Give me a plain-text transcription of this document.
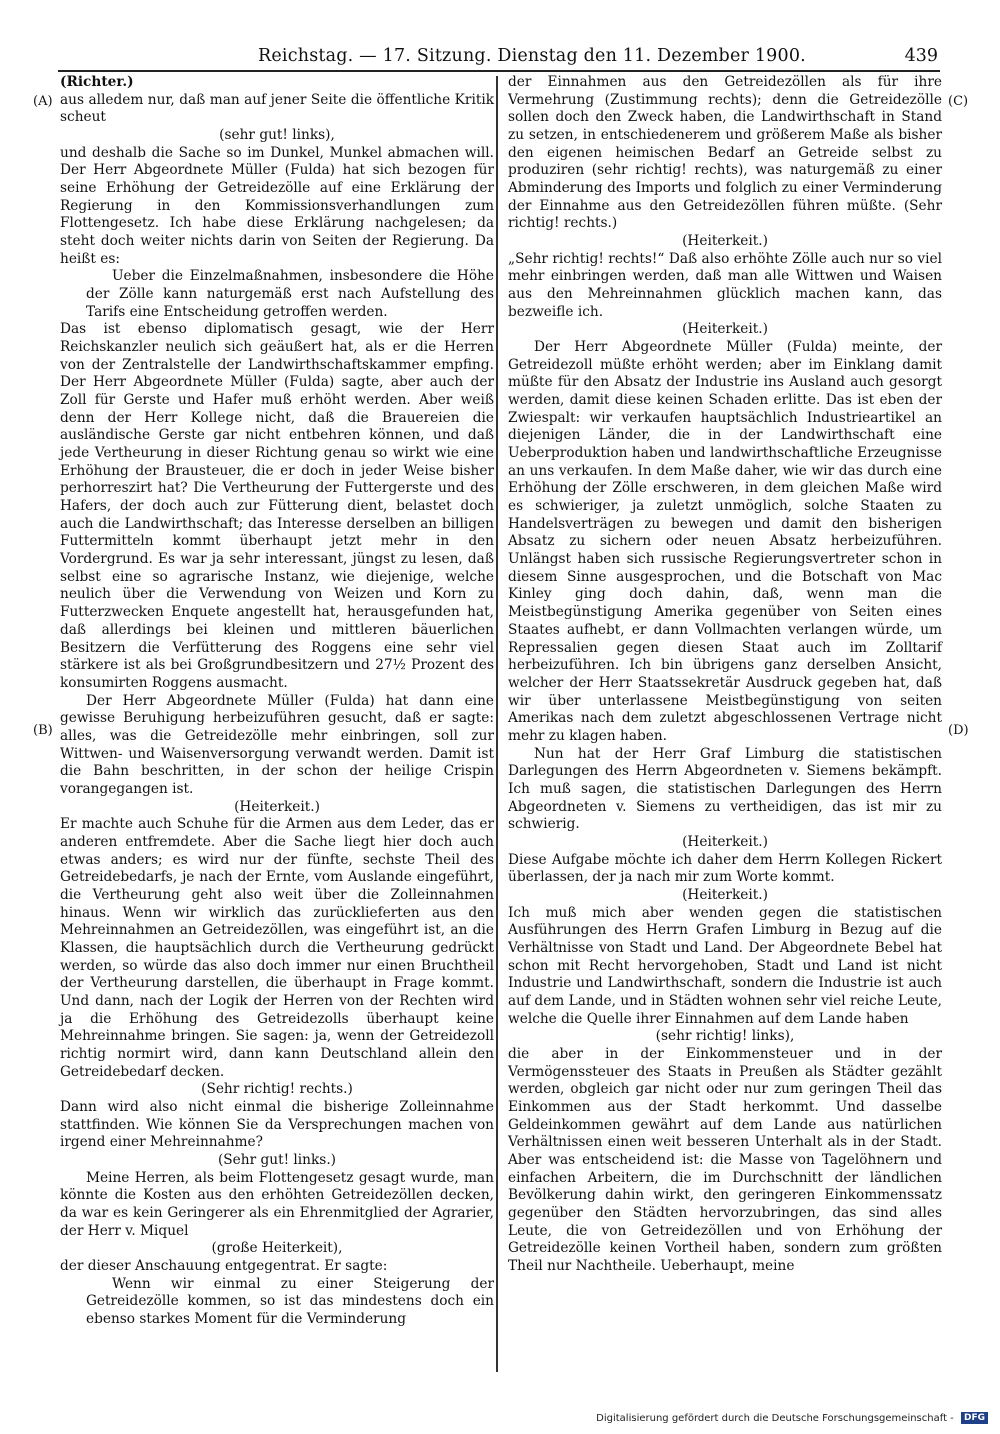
Reichstag. — 17. Sitzung. Dienstag den 11. Dezember 1900.	439
(A)
(B)
(C)
(D)

(Richter.)

aus alledem nur, daß man auf jener Seite die öffentliche Kritik scheut

(sehr gut! links),

und deshalb die Sache so im Dunkel, Munkel abmachen will. Der Herr Abgeordnete Müller (Fulda) hat sich bezogen für seine Erhöhung der Getreidezölle auf eine Erklärung der Regierung in den Kommissionsverhandlungen zum Flottengesetz. Ich habe diese Erklärung nachgelesen; da steht doch weiter nichts darin von Seiten der Regierung. Da heißt es:

Ueber die Einzelmaßnahmen, insbesondere die Höhe der Zölle kann naturgemäß erst nach Aufstellung des Tarifs eine Entscheidung getroffen werden.

Das ist ebenso diplomatisch gesagt, wie der Herr Reichskanzler neulich sich geäußert hat, als er die Herren von der Zentralstelle der Landwirthschaftskammer empfing. Der Herr Abgeordnete Müller (Fulda) sagte, aber auch der Zoll für Gerste und Hafer muß erhöht werden. Aber weiß denn der Herr Kollege nicht, daß die Brauereien die ausländische Gerste gar nicht entbehren können, und daß jede Vertheurung in dieser Richtung genau so wirkt wie eine Erhöhung der Brausteuer, die er doch in jeder Weise bisher perhorreszirt hat? Die Vertheurung der Futtergerste und des Hafers, der doch auch zur Fütterung dient, belastet doch auch die Landwirthschaft; das Interesse derselben an billigen Futtermitteln kommt überhaupt jetzt mehr in den Vordergrund. Es war ja sehr interessant, jüngst zu lesen, daß selbst eine so agrarische Instanz, wie diejenige, welche neulich über die Verwendung von Weizen und Korn zu Futterzwecken Enquete angestellt hat, herausgefunden hat, daß allerdings bei kleinen und mittleren bäuerlichen Besitzern die Verfütterung des Roggens eine sehr viel stärkere ist als bei Großgrundbesitzern und 27½ Prozent des konsumirten Roggens ausmacht.

Der Herr Abgeordnete Müller (Fulda) hat dann eine gewisse Beruhigung herbeizuführen gesucht, daß er sagte: alles, was die Getreidezölle mehr einbringen, soll zur Wittwen- und Waisenversorgung verwandt werden. Damit ist die Bahn beschritten, in der schon der heilige Crispin vorangegangen ist.

(Heiterkeit.)

Er machte auch Schuhe für die Armen aus dem Leder, das er anderen entfremdete. Aber die Sache liegt hier doch auch etwas anders; es wird nur der fünfte, sechste Theil des Getreidebedarfs, je nach der Ernte, vom Auslande eingeführt, die Vertheurung geht also weit über die Zolleinnahmen hinaus. Wenn wir wirklich das zurücklieferten aus den Mehreinnahmen an Getreidezöllen, was eingeführt ist, an die Klassen, die hauptsächlich durch die Vertheurung gedrückt werden, so würde das also doch immer nur einen Bruchtheil der Vertheurung darstellen, die überhaupt in Frage kommt. Und dann, nach der Logik der Herren von der Rechten wird ja die Erhöhung des Getreidezolls überhaupt keine Mehreinnahme bringen. Sie sagen: ja, wenn der Getreidezoll richtig normirt wird, dann kann Deutschland allein den Getreidebedarf decken.

(Sehr richtig! rechts.)

Dann wird also nicht einmal die bisherige Zolleinnahme stattfinden. Wie können Sie da Versprechungen machen von irgend einer Mehreinnahme?

(Sehr gut! links.)

Meine Herren, als beim Flottengesetz gesagt wurde, man könnte die Kosten aus den erhöhten Getreidezöllen decken, da war es kein Geringerer als ein Ehrenmitglied der Agrarier, der Herr v. Miquel

(große Heiterkeit),

der dieser Anschauung entgegentrat. Er sagte:

Wenn wir einmal zu einer Steigerung der Getreidezölle kommen, so ist das mindestens doch ein ebenso starkes Moment für die Verminderung

der Einnahmen aus den Getreidezöllen als für ihre Vermehrung (Zustimmung rechts); denn die Getreidezölle sollen doch den Zweck haben, die Landwirthschaft in Stand zu setzen, in entschiedenerem und größerem Maße als bisher den eigenen heimischen Bedarf an Getreide selbst zu produziren (sehr richtig! rechts), was naturgemäß zu einer Abminderung des Imports und folglich zu einer Verminderung der Einnahme aus den Getreidezöllen führen müßte. (Sehr richtig! rechts.)

(Heiterkeit.)

„Sehr richtig! rechts!“ Daß also erhöhte Zölle auch nur so viel mehr einbringen werden, daß man alle Wittwen und Waisen aus den Mehreinnahmen glücklich machen kann, das bezweifle ich.

(Heiterkeit.)

Der Herr Abgeordnete Müller (Fulda) meinte, der Getreidezoll müßte erhöht werden; aber im Einklang damit müßte für den Absatz der Industrie ins Ausland auch gesorgt werden, damit diese keinen Schaden erlitte. Das ist eben der Zwiespalt: wir verkaufen hauptsächlich Industrieartikel an diejenigen Länder, die in der Landwirthschaft eine Ueberproduktion haben und landwirthschaftliche Erzeugnisse an uns verkaufen. In dem Maße daher, wie wir das durch eine Erhöhung der Zölle erschweren, in dem gleichen Maße wird es schwieriger, ja zuletzt unmöglich, solche Staaten zu Handelsverträgen zu bewegen und damit den bisherigen Absatz zu sichern oder neuen Absatz herbeizuführen. Unlängst haben sich russische Regierungsvertreter schon in diesem Sinne ausgesprochen, und die Botschaft von Mac Kinley ging doch dahin, daß, wenn man die Meistbegünstigung Amerika gegenüber von Seiten eines Staates aufhebt, er dann Vollmachten verlangen würde, um Repressalien gegen diesen Staat auch im Zolltarif herbeizuführen. Ich bin übrigens ganz derselben Ansicht, welcher der Herr Staatssekretär Ausdruck gegeben hat, daß wir über unterlassene Meistbegünstigung von seiten Amerikas nach dem zuletzt abgeschlossenen Vertrage nicht mehr zu klagen haben.

Nun hat der Herr Graf Limburg die statistischen Darlegungen des Herrn Abgeordneten v. Siemens bekämpft. Ich muß sagen, die statistischen Darlegungen des Herrn Abgeordneten v. Siemens zu vertheidigen, das ist mir zu schwierig.

(Heiterkeit.)

Diese Aufgabe möchte ich daher dem Herrn Kollegen Rickert überlassen, der ja nach mir zum Worte kommt.

(Heiterkeit.)

Ich muß mich aber wenden gegen die statistischen Ausführungen des Herrn Grafen Limburg in Bezug auf die Verhältnisse von Stadt und Land. Der Abgeordnete Bebel hat schon mit Recht hervorgehoben, Stadt und Land ist nicht Industrie und Landwirthschaft, sondern die Industrie ist auch auf dem Lande, und in Städten wohnen sehr viel reiche Leute, welche die Quelle ihrer Einnahmen auf dem Lande haben

(sehr richtig! links),

die aber in der Einkommensteuer und in der Vermögenssteuer des Staats in Preußen als Städter gezählt werden, obgleich gar nicht oder nur zum geringen Theil das Einkommen aus der Stadt herkommt. Und dasselbe Geldeinkommen gewährt auf dem Lande aus natürlichen Verhältnissen einen weit besseren Unterhalt als in der Stadt. Aber was entscheidend ist: die Masse von Tagelöhnern und einfachen Arbeitern, die im Durchschnitt der ländlichen Bevölkerung dahin wirkt, den geringeren Einkommenssatz gegenüber den Städten hervorzubringen, das sind alles Leute, die von Getreidezöllen und von Erhöhung der Getreidezölle keinen Vortheil haben, sondern zum größten Theil nur Nachtheile. Ueberhaupt, meine

Digitalisierung gefördert durch die Deutsche Forschungsgemeinschaft - DFG
